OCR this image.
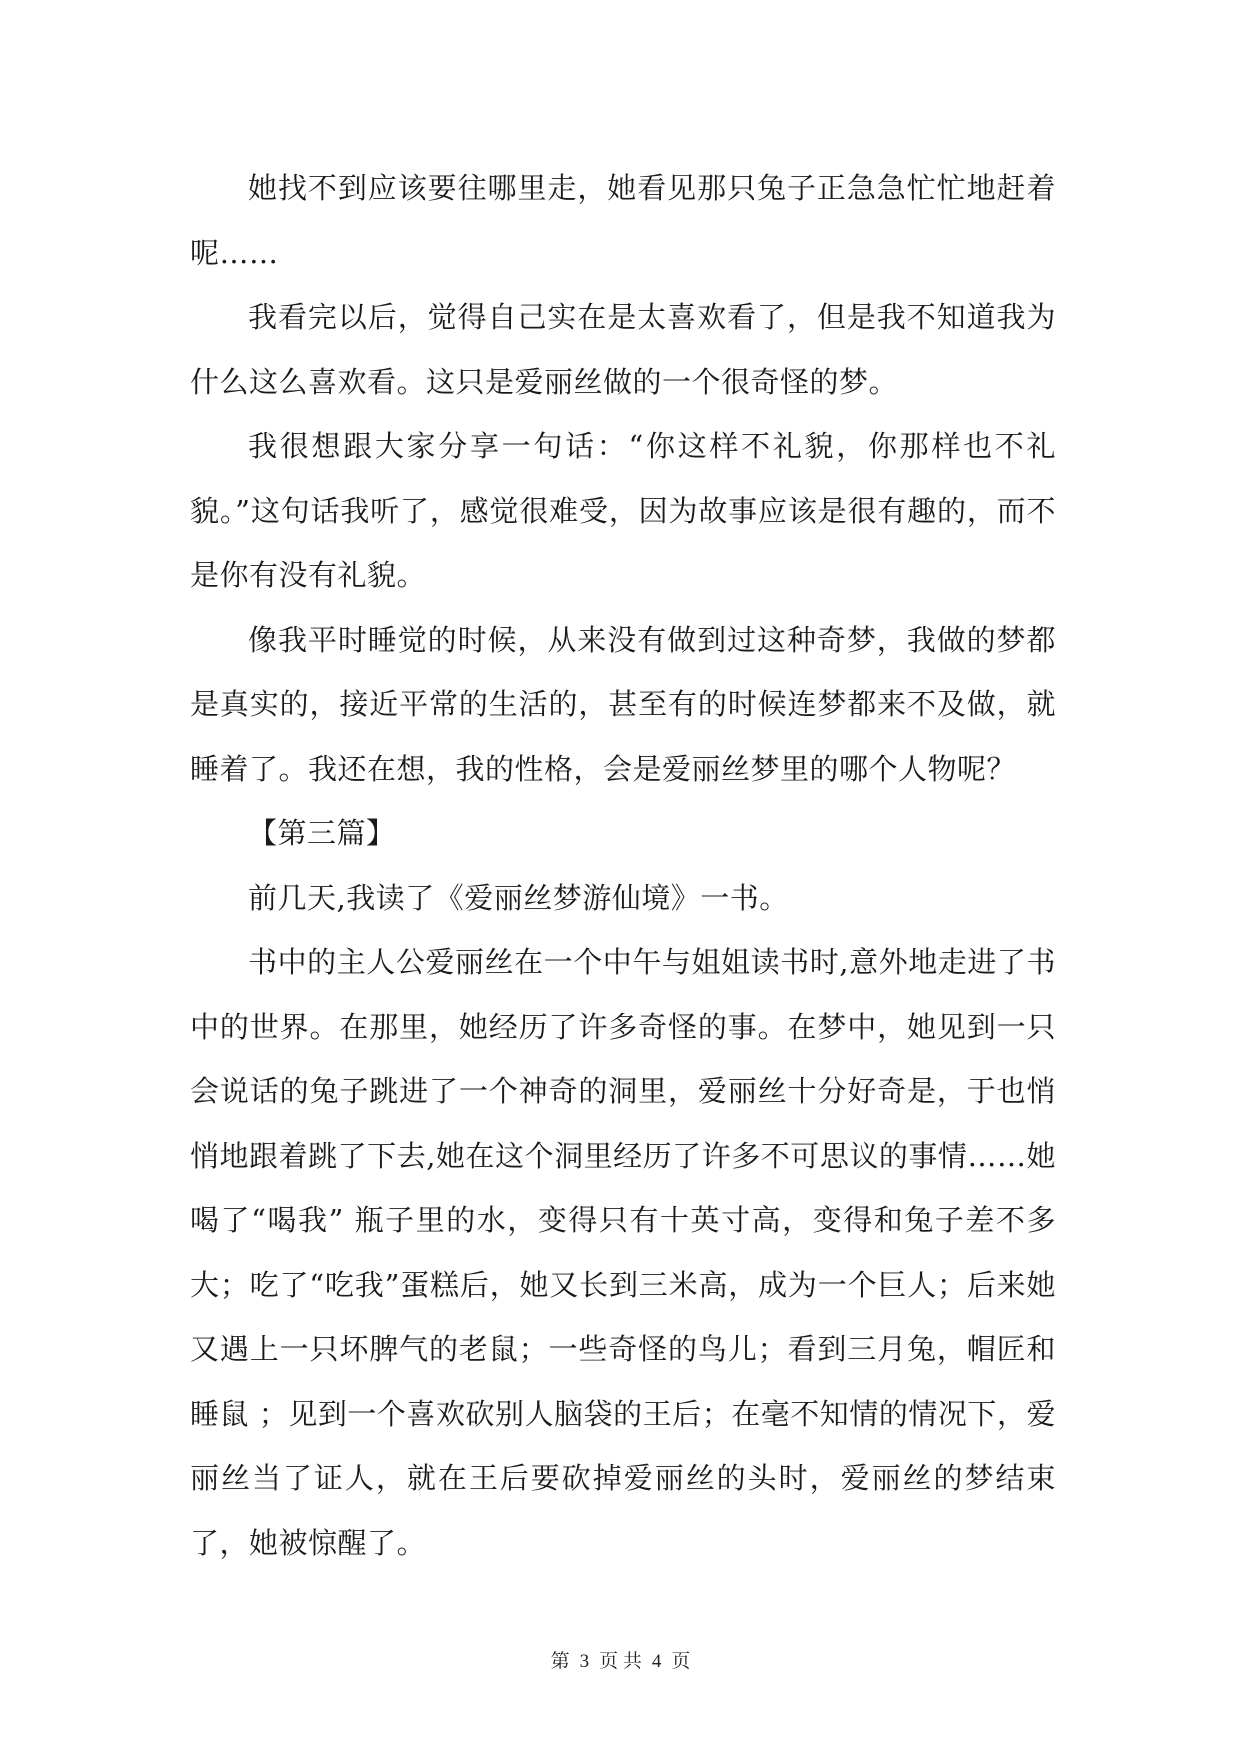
她找不到应该要往哪里走，她看见那只兔子正急急忙忙地赶着呢……

我看完以后，觉得自己实在是太喜欢看了，但是我不知道我为什么这么喜欢看。这只是爱丽丝做的一个很奇怪的梦。

我很想跟大家分享一句话：“你这样不礼貌，你那样也不礼貌。”这句话我听了，感觉很难受，因为故事应该是很有趣的，而不是你有没有礼貌。

像我平时睡觉的时候，从来没有做到过这种奇梦，我做的梦都是真实的，接近平常的生活的，甚至有的时候连梦都来不及做，就睡着了。我还在想，我的性格，会是爱丽丝梦里的哪个人物呢？

【第三篇】

前几天,我读了《爱丽丝梦游仙境》一书。

书中的主人公爱丽丝在一个中午与姐姐读书时,意外地走进了书中的世界。在那里，她经历了许多奇怪的事。在梦中，她见到一只会说话的兔子跳进了一个神奇的洞里，爱丽丝十分好奇是，于也悄悄地跟着跳了下去,她在这个洞里经历了许多不可思议的事情……她喝了“喝我” 瓶子里的水，变得只有十英寸高，变得和兔子差不多大；吃了“吃我”蛋糕后，她又长到三米高，成为一个巨人；后来她又遇上一只坏脾气的老鼠；一些奇怪的鸟儿；看到三月兔，帽匠和睡鼠 ；见到一个喜欢砍别人脑袋的王后；在毫不知情的情况下，爱丽丝当了证人，就在王后要砍掉爱丽丝的头时，爱丽丝的梦结束了，她被惊醒了。

第 3 页 共 4 页
